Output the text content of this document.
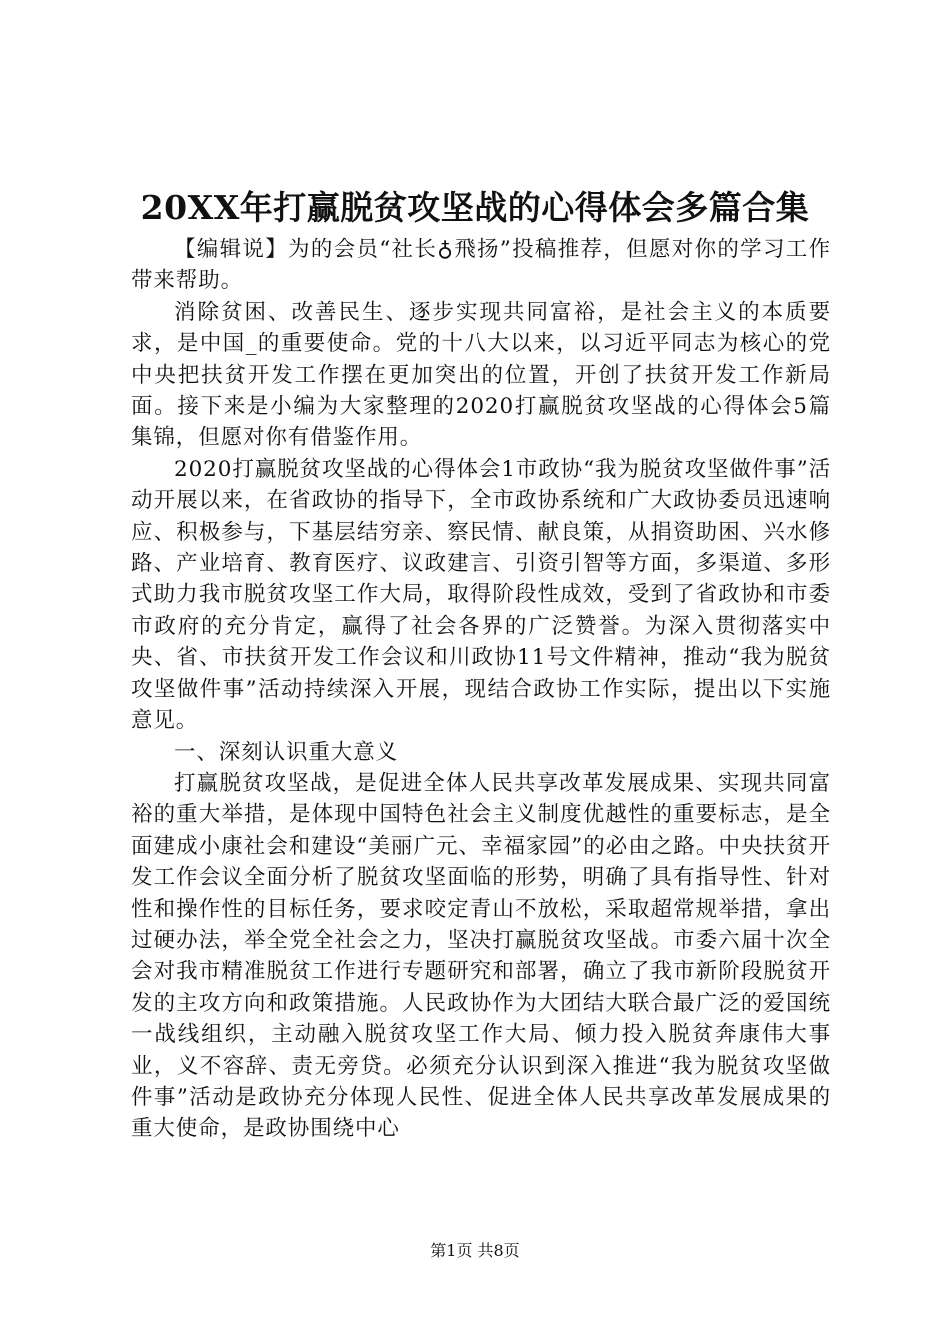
20XX年打赢脱贫攻坚战的心得体会多篇合集

【编辑说】为的会员“社长♁飛扬”投稿推荐，但愿对你的学习工作带来帮助。

消除贫困、改善民生、逐步实现共同富裕，是社会主义的本质要求，是中国_的重要使命。党的十八大以来，以习近平同志为核心的党中央把扶贫开发工作摆在更加突出的位置，开创了扶贫开发工作新局面。接下来是小编为大家整理的2020打赢脱贫攻坚战的心得体会5篇集锦，但愿对你有借鉴作用。

2020打赢脱贫攻坚战的心得体会1市政协“我为脱贫攻坚做件事”活动开展以来，在省政协的指导下，全市政协系统和广大政协委员迅速响应、积极参与，下基层结穷亲、察民情、献良策，从捐资助困、兴水修路、产业培育、教育医疗、议政建言、引资引智等方面，多渠道、多形式助力我市脱贫攻坚工作大局，取得阶段性成效，受到了省政协和市委市政府的充分肯定，赢得了社会各界的广泛赞誉。为深入贯彻落实中央、省、市扶贫开发工作会议和川政协11号文件精神，推动“我为脱贫攻坚做件事”活动持续深入开展，现结合政协工作实际，提出以下实施意见。

一、深刻认识重大意义

打赢脱贫攻坚战，是促进全体人民共享改革发展成果、实现共同富裕的重大举措，是体现中国特色社会主义制度优越性的重要标志，是全面建成小康社会和建设“美丽广元、幸福家园”的必由之路。中央扶贫开发工作会议全面分析了脱贫攻坚面临的形势，明确了具有指导性、针对性和操作性的目标任务，要求咬定青山不放松，采取超常规举措，拿出过硬办法，举全党全社会之力，坚决打赢脱贫攻坚战。市委六届十次全会对我市精准脱贫工作进行专题研究和部署，确立了我市新阶段脱贫开发的主攻方向和政策措施。人民政协作为大团结大联合最广泛的爱国统一战线组织，主动融入脱贫攻坚工作大局、倾力投入脱贫奔康伟大事业，义不容辞、责无旁贷。必须充分认识到深入推进“我为脱贫攻坚做件事”活动是政协充分体现人民性、促进全体人民共享改革发展成果的重大使命，是政协围绕中心

第1页 共8页
